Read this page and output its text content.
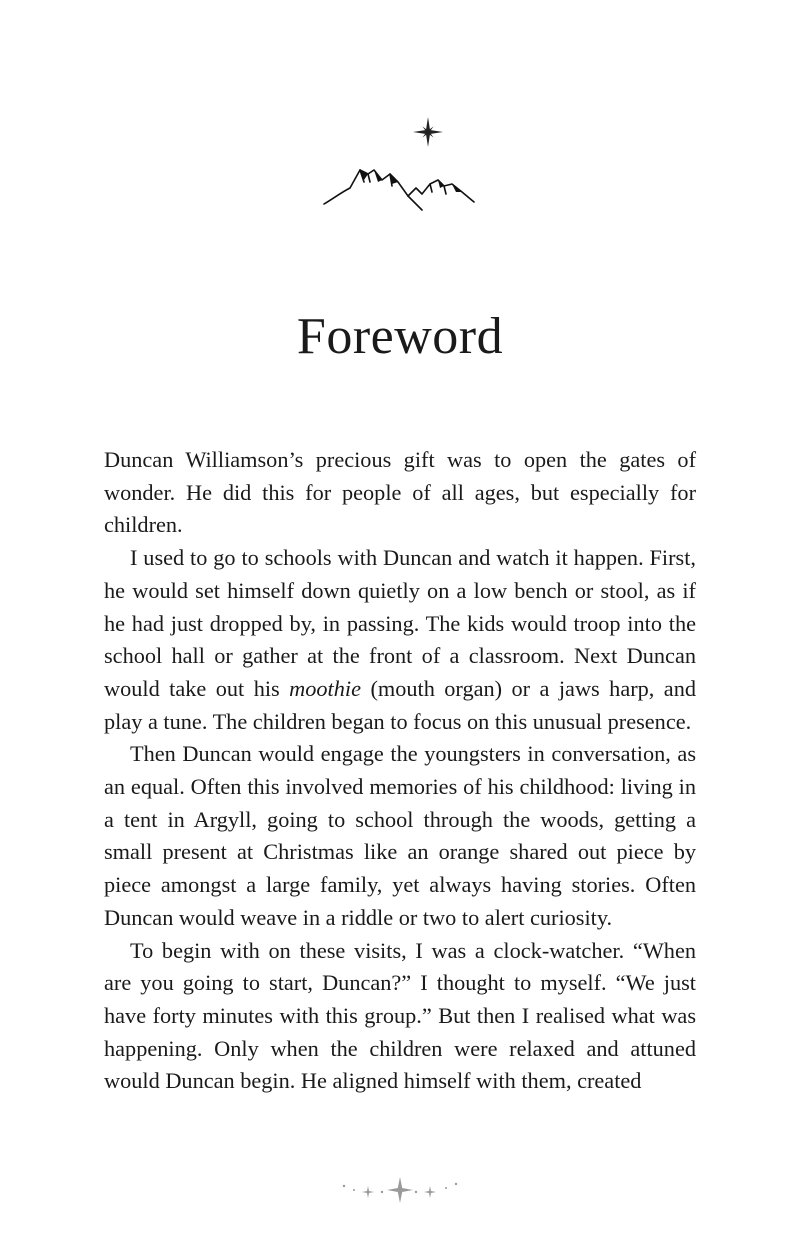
Foreword

Duncan Williamson’s precious gift was to open the gates of wonder. He did this for people of all ages, but especially for children.

I used to go to schools with Duncan and watch it happen. First, he would set himself down quietly on a low bench or stool, as if he had just dropped by, in passing. The kids would troop into the school hall or gather at the front of a classroom. Next Duncan would take out his moothie (mouth organ) or a jaws harp, and play a tune. The children began to focus on this unusual presence.

Then Duncan would engage the youngsters in conversation, as an equal. Often this involved memories of his childhood: living in a tent in Argyll, going to school through the woods, getting a small present at Christmas like an orange shared out piece by piece amongst a large family, yet always having stories. Often Duncan would weave in a riddle or two to alert curiosity.

To begin with on these visits, I was a clock-watcher. “When are you going to start, Duncan?” I thought to myself. “We just have forty minutes with this group.” But then I realised what was happening. Only when the children were relaxed and attuned would Duncan begin. He aligned himself with them, created
